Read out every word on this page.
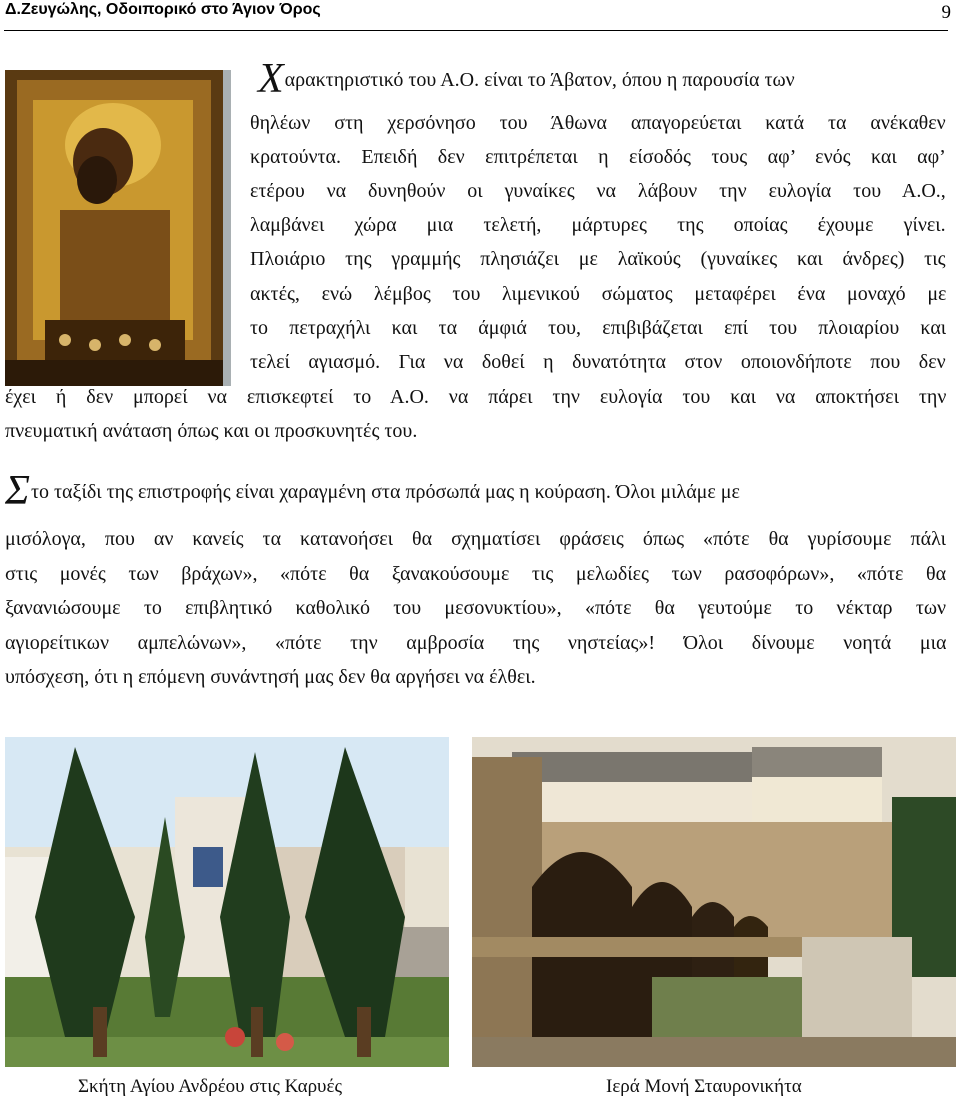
Δ.Ζευγώλης, Οδοιπορικό στο Άγιον Όρος	9
Χαρακτηριστικό του Α.Ο. είναι το Άβατον, όπου η παρουσία των
θηλέων στη χερσόνησο του Άθωνα απαγορεύεται κατά τα ανέκαθεν
κρατούντα. Επειδή δεν επιτρέπεται η είσοδός τους αφ’ ενός και αφ’
ετέρου να δυνηθούν οι γυναίκες να λάβουν την ευλογία του Α.Ο.,
λαμβάνει χώρα μια τελετή, μάρτυρες της οποίας έχουμε γίνει.
Πλοιάριο της γραμμής πλησιάζει με λαϊκούς (γυναίκες και άνδρες) τις
ακτές, ενώ λέμβος του λιμενικού σώματος μεταφέρει ένα μοναχό με
το πετραχήλι και τα άμφιά του, επιβιβάζεται επί του πλοιαρίου και
τελεί αγιασμό. Για να δοθεί η δυνατότητα στον οποιονδήποτε που δεν
έχει ή δεν μπορεί να επισκεφτεί το Α.Ο. να πάρει την ευλογία του και να αποκτήσει την
πνευματική ανάταση όπως και οι προσκυνητές του.
Στο ταξίδι της επιστροφής είναι χαραγμένη στα πρόσωπά μας η κούραση. Όλοι μιλάμε με
μισόλογα, που αν κανείς τα κατανοήσει θα σχηματίσει φράσεις όπως «πότε θα γυρίσουμε πάλι
στις μονές των βράχων», «πότε θα ξανακούσουμε τις μελωδίες των ρασοφόρων», «πότε θα
ξανανιώσουμε το επιβλητικό καθολικό του μεσονυκτίου», «πότε θα γευτούμε το νέκταρ των
αγιορείτικων αμπελώνων», «πότε την αμβροσία της νηστείας»! Όλοι δίνουμε νοητά μια
υπόσχεση, ότι η επόμενη συνάντησή μας δεν θα αργήσει να έλθει.
Σκήτη Αγίου Ανδρέου στις Καρυές	Ιερά Μονή Σταυρονικήτα
